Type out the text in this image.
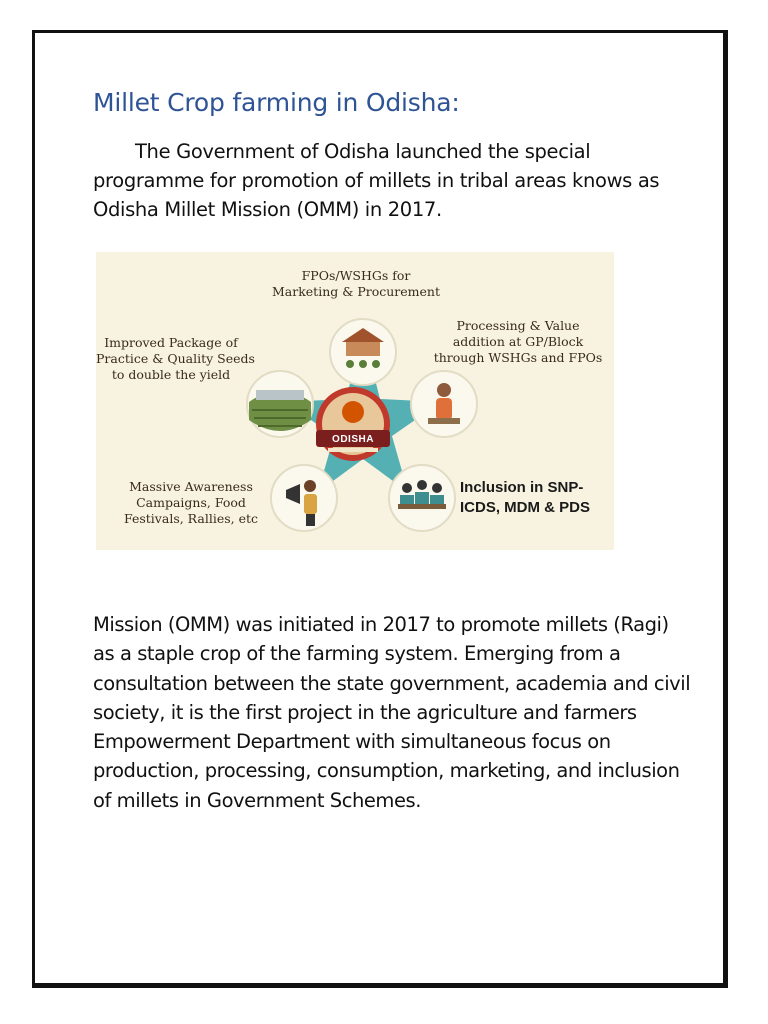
Millet Crop farming in Odisha:

The Government of Odisha launched the special programme for promotion of millets in tribal areas knows as Odisha Millet Mission (OMM) in 2017.

ODISHA
FPOs/WSHGs for
Marketing & Procurement
Processing & Value
addition at GP/Block
through WSHGs and FPOs
Improved Package of
Practice & Quality Seeds
to double the yield
Massive Awareness
Campaigns, Food
Festivals, Rallies, etc
Inclusion in SNP-
ICDS, MDM & PDS

Mission (OMM) was initiated in 2017 to promote millets (Ragi) as a staple crop of the farming system. Emerging from a consultation between the state government, academia and civil society, it is the first project in the agriculture and farmers Empowerment Department with simultaneous focus on production, processing, consumption, marketing, and inclusion of millets in Government Schemes.
